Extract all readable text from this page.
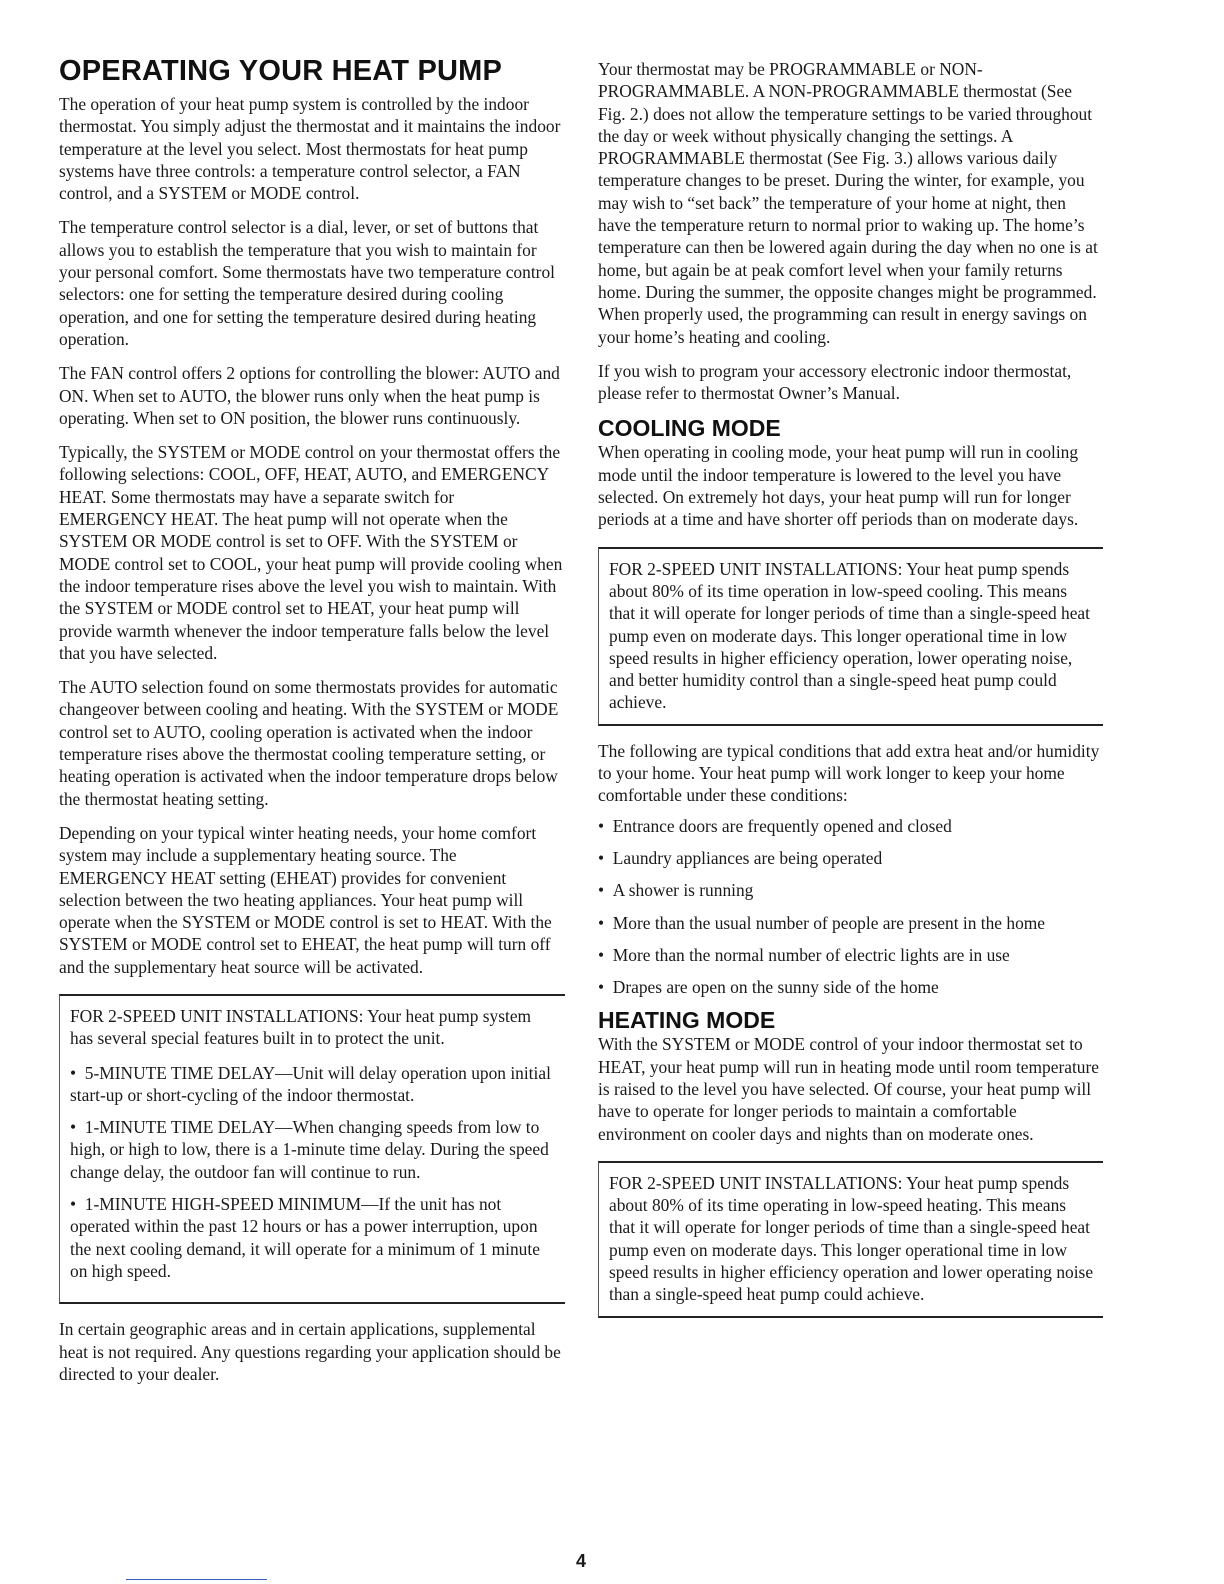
OPERATING YOUR HEAT PUMP

The operation of your heat pump system is controlled by the indoor thermostat. You simply adjust the thermostat and it maintains the indoor temperature at the level you select. Most thermostats for heat pump systems have three controls: a temperature control selector, a FAN control, and a SYSTEM or MODE control.

The temperature control selector is a dial, lever, or set of buttons that allows you to establish the temperature that you wish to maintain for your personal comfort. Some thermostats have two temperature control selectors: one for setting the temperature desired during cooling operation, and one for setting the temperature desired during heating operation.

The FAN control offers 2 options for controlling the blower: AUTO and ON. When set to AUTO, the blower runs only when the heat pump is operating. When set to ON position, the blower runs continuously.

Typically, the SYSTEM or MODE control on your thermostat offers the following selections: COOL, OFF, HEAT, AUTO, and EMERGENCY HEAT. Some thermostats may have a separate switch for EMERGENCY HEAT. The heat pump will not operate when the SYSTEM OR MODE control is set to OFF. With the SYSTEM or MODE control set to COOL, your heat pump will provide cooling when the indoor temperature rises above the level you wish to maintain. With the SYSTEM or MODE control set to HEAT, your heat pump will provide warmth whenever the indoor temperature falls below the level that you have selected.

The AUTO selection found on some thermostats provides for automatic changeover between cooling and heating. With the SYSTEM or MODE control set to AUTO, cooling operation is activated when the indoor temperature rises above the thermostat cooling temperature setting, or heating operation is activated when the indoor temperature drops below the thermostat heating setting.

Depending on your typical winter heating needs, your home comfort system may include a supplementary heating source. The EMERGENCY HEAT setting (EHEAT) provides for convenient selection between the two heating appliances. Your heat pump will operate when the SYSTEM or MODE control is set to HEAT. With the SYSTEM or MODE control set to EHEAT, the heat pump will turn off and the supplementary heat source will be activated.

FOR 2-SPEED UNIT INSTALLATIONS: Your heat pump system has several special features built in to protect the unit.

•  5-MINUTE TIME DELAY—Unit will delay operation upon initial start-up or short-cycling of the indoor thermostat.
•  1-MINUTE TIME DELAY—When changing speeds from low to high, or high to low, there is a 1-minute time delay. During the speed change delay, the outdoor fan will continue to run.
•  1-MINUTE HIGH-SPEED MINIMUM—If the unit has not operated within the past 12 hours or has a power interruption, upon the next cooling demand, it will operate for a minimum of 1 minute on high speed.

In certain geographic areas and in certain applications, supplemental heat is not required. Any questions regarding your application should be directed to your dealer.

Your thermostat may be PROGRAMMABLE or NON-PROGRAMMABLE. A NON-PROGRAMMABLE thermostat (See Fig. 2.) does not allow the temperature settings to be varied throughout the day or week without physically changing the settings. A PROGRAMMABLE thermostat (See Fig. 3.) allows various daily temperature changes to be preset. During the winter, for example, you may wish to “set back” the temperature of your home at night, then have the temperature return to normal prior to waking up. The home’s temperature can then be lowered again during the day when no one is at home, but again be at peak comfort level when your family returns home. During the summer, the opposite changes might be programmed. When properly used, the programming can result in energy savings on your home’s heating and cooling.

If you wish to program your accessory electronic indoor thermostat, please refer to thermostat Owner’s Manual.

COOLING MODE

When operating in cooling mode, your heat pump will run in cooling mode until the indoor temperature is lowered to the level you have selected. On extremely hot days, your heat pump will run for longer periods at a time and have shorter off periods than on moderate days.

FOR 2-SPEED UNIT INSTALLATIONS: Your heat pump spends about 80% of its time operation in low-speed cooling. This means that it will operate for longer periods of time than a single-speed heat pump even on moderate days. This longer operational time in low speed results in higher efficiency operation, lower operating noise, and better humidity control than a single-speed heat pump could achieve.

The following are typical conditions that add extra heat and/or humidity to your home. Your heat pump will work longer to keep your home comfortable under these conditions:

•  Entrance doors are frequently opened and closed
•  Laundry appliances are being operated
•  A shower is running
•  More than the usual number of people are present in the home
•  More than the normal number of electric lights are in use
•  Drapes are open on the sunny side of the home
HEATING MODE

With the SYSTEM or MODE control of your indoor thermostat set to HEAT, your heat pump will run in heating mode until room temperature is raised to the level you have selected. Of course, your heat pump will have to operate for longer periods to maintain a comfortable environment on cooler days and nights than on moderate ones.

FOR 2-SPEED UNIT INSTALLATIONS: Your heat pump spends about 80% of its time operating in low-speed heating. This means that it will operate for longer periods of time than a single-speed heat pump even on moderate days. This longer operational time in low speed results in higher efficiency operation and lower operating noise than a single-speed heat pump could achieve.

4
